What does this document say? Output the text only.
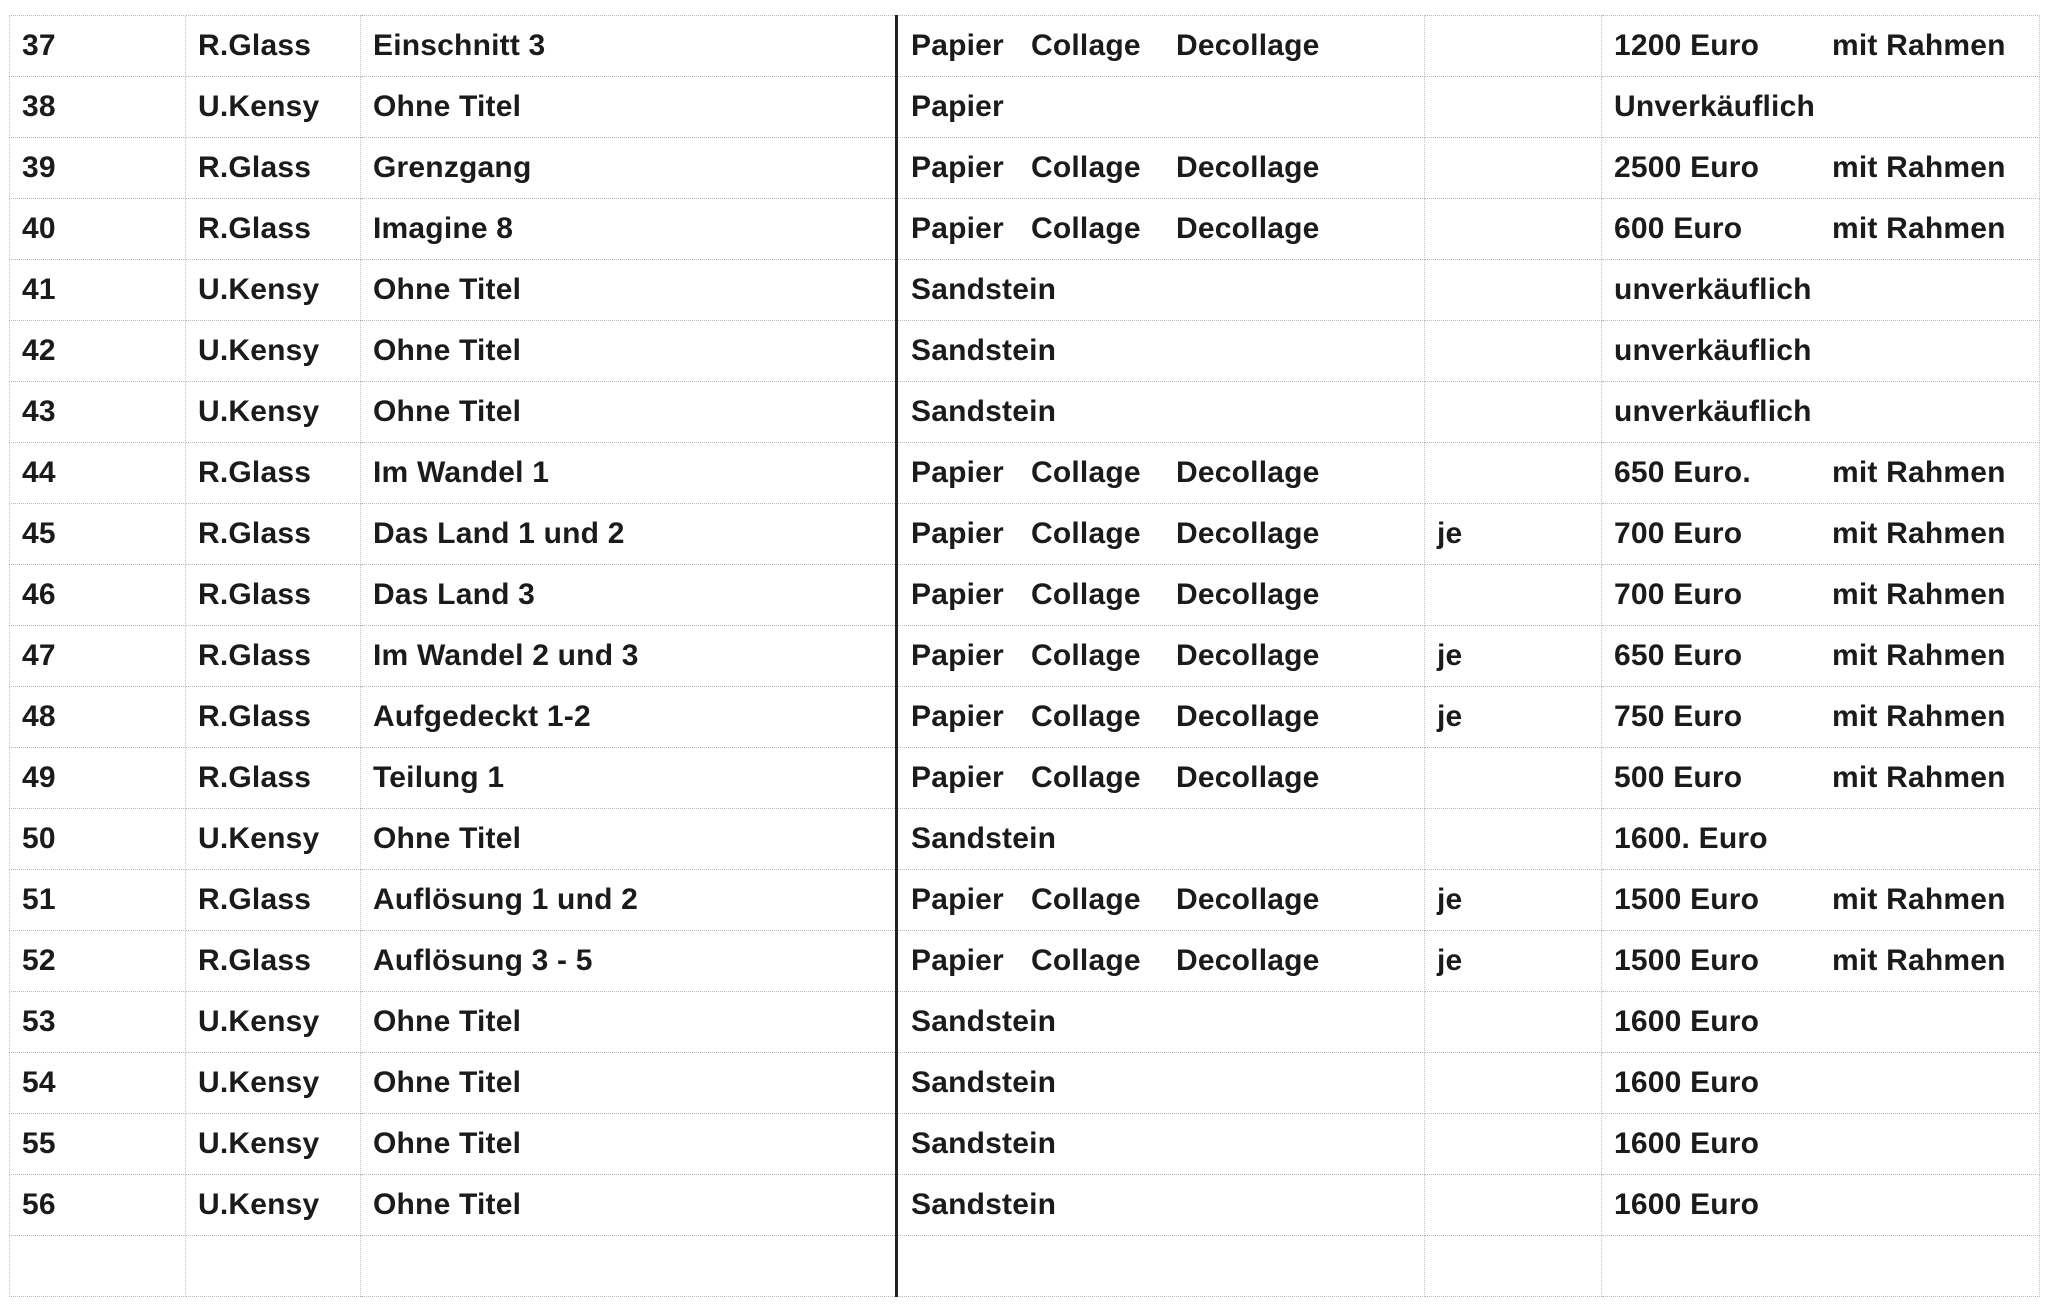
37	R.Glass	Einschnitt 3	Papier Collage Decollage		1200 Euro mit Rahmen
38	U.Kensy	Ohne Titel	Papier		Unverkäuflich
39	R.Glass	Grenzgang	Papier Collage Decollage		2500 Euro mit Rahmen
40	R.Glass	Imagine 8	Papier Collage Decollage		600 Euro mit Rahmen
41	U.Kensy	Ohne Titel	Sandstein		unverkäuflich
42	U.Kensy	Ohne Titel	Sandstein		unverkäuflich
43	U.Kensy	Ohne Titel	Sandstein		unverkäuflich
44	R.Glass	Im Wandel 1	Papier Collage Decollage		650 Euro. mit Rahmen
45	R.Glass	Das Land 1 und 2	Papier Collage Decollage	je	700 Euro mit Rahmen
46	R.Glass	Das Land 3	Papier Collage Decollage		700 Euro mit Rahmen
47	R.Glass	Im Wandel 2 und 3	Papier Collage Decollage	je	650 Euro mit Rahmen
48	R.Glass	Aufgedeckt 1-2	Papier Collage Decollage	je	750 Euro mit Rahmen
49	R.Glass	Teilung 1	Papier Collage Decollage		500 Euro mit Rahmen
50	U.Kensy	Ohne Titel	Sandstein		1600. Euro
51	R.Glass	Auflösung 1 und 2	Papier Collage Decollage	je	1500 Euro mit Rahmen
52	R.Glass	Auflösung 3 - 5	Papier Collage Decollage	je	1500 Euro mit Rahmen
53	U.Kensy	Ohne Titel	Sandstein		1600 Euro
54	U.Kensy	Ohne Titel	Sandstein		1600 Euro
55	U.Kensy	Ohne Titel	Sandstein		1600 Euro
56	U.Kensy	Ohne Titel	Sandstein		1600 Euro
